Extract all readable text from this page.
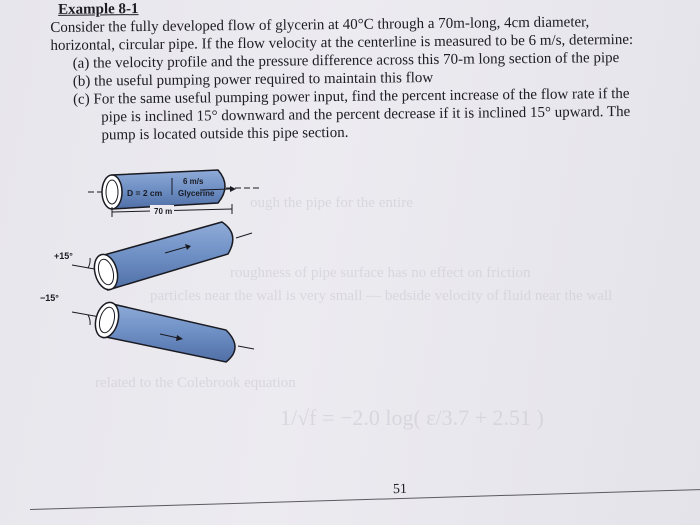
ough the pipe for the entire
roughness of pipe surface has no effect on friction
particles near the wall is very small — bedside velocity of fluid near the wall
related to the Colebrook equation
1/√f = −2.0 log( ε/3.7 + 2.51 )
Example 8-1

Consider the fully developed flow of glycerin at 40°C through a 70m-long, 4cm diameter,

horizontal, circular pipe. If the flow velocity at the centerline is measured to be 6 m/s, determine:

(a) the velocity profile and the pressure difference across this 70-m long section of the pipe

(b) the useful pumping power required to maintain this flow

(c) For the same useful pumping power input, find the percent increase of the flow rate if the
pipe is inclined 15° downward and the percent decrease if it is inclined 15° upward. The
pump is located outside this pipe section.

D = 2 cm
6 m/s
Glycerine
70 m
+15°
−15°
51
